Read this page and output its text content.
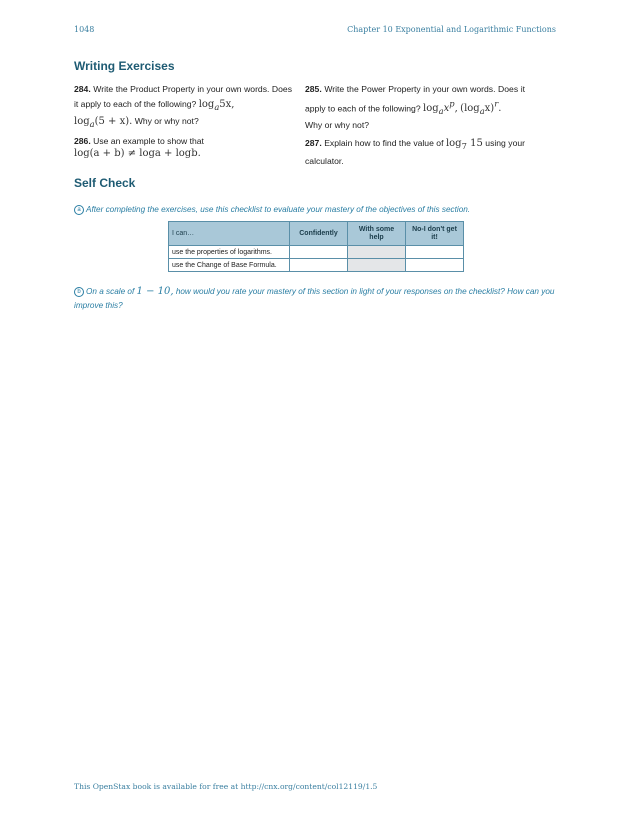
1048	Chapter 10 Exponential and Logarithmic Functions
Writing Exercises
284. Write the Product Property in your own words. Does it apply to each of the following? $\log_a5x$,
$\log_a(5 + x)$. Why or why not?
285. Write the Power Property in your own words. Does it apply to each of the following? $\log_ax^p$, $(\log_ax)^r$.
Why or why not?
286. Use an example to show that
log(a + b) ≠ loga + logb.
287. Explain how to find the value of $\log_7 15$ using your calculator.
Self Check
a After completing the exercises, use this checklist to evaluate your mastery of the objectives of this section.
I can…	Confidently	With some help	No-I don't get it!
use the properties of logarithms.			
use the Change of Base Formula.			
b On a scale of 1 − 10, how would you rate your mastery of this section in light of your responses on the checklist? How can you improve this?
This OpenStax book is available for free at http://cnx.org/content/col12119/1.5
